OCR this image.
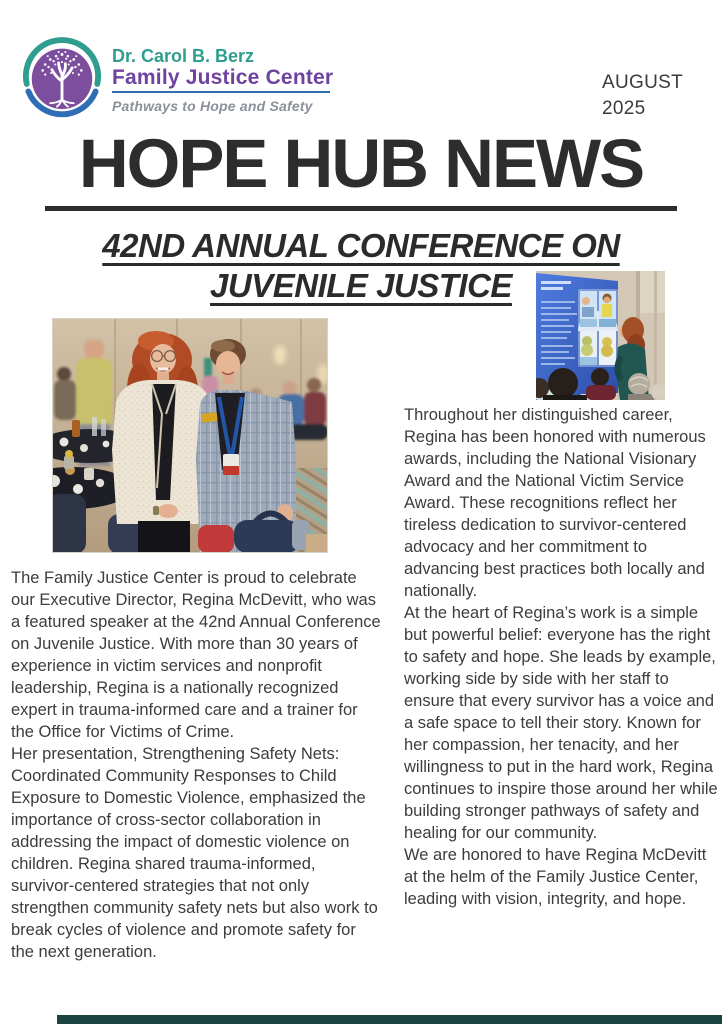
Dr. Carol B. Berz
Family Justice Center
Pathways to Hope and Safety
AUGUST
2025
HOPE HUB NEWS
42ND ANNUAL CONFERENCE ON
JUVENILE JUSTICE

The Family Justice Center is proud to celebrate our Executive Director, Regina McDevitt, who was a featured speaker at the 42nd Annual Conference on Juvenile Justice. With more than 30 years of experience in victim services and nonprofit leadership, Regina is a nationally recognized expert in trauma-informed care and a trainer for the Office for Victims of Crime.

Her presentation, Strengthening Safety Nets: Coordinated Community Responses to Child Exposure to Domestic Violence, emphasized the importance of cross-sector collaboration in addressing the impact of domestic violence on children. Regina shared trauma-informed, survivor-centered strategies that not only strengthen community safety nets but also work to break cycles of violence and promote safety for the next generation.

Throughout her distinguished career, Regina has been honored with numerous awards, including the National Visionary Award and the National Victim Service Award. These recognitions reflect her tireless dedication to survivor-centered advocacy and her commitment to advancing best practices both locally and nationally.

At the heart of Regina’s work is a simple but powerful belief: everyone has the right to safety and hope. She leads by example, working side by side with her staff to ensure that every survivor has a voice and a safe space to tell their story. Known for her compassion, her tenacity, and her willingness to put in the hard work, Regina continues to inspire those around her while building stronger pathways of safety and healing for our community.

We are honored to have Regina McDevitt at the helm of the Family Justice Center, leading with vision, integrity, and hope.
